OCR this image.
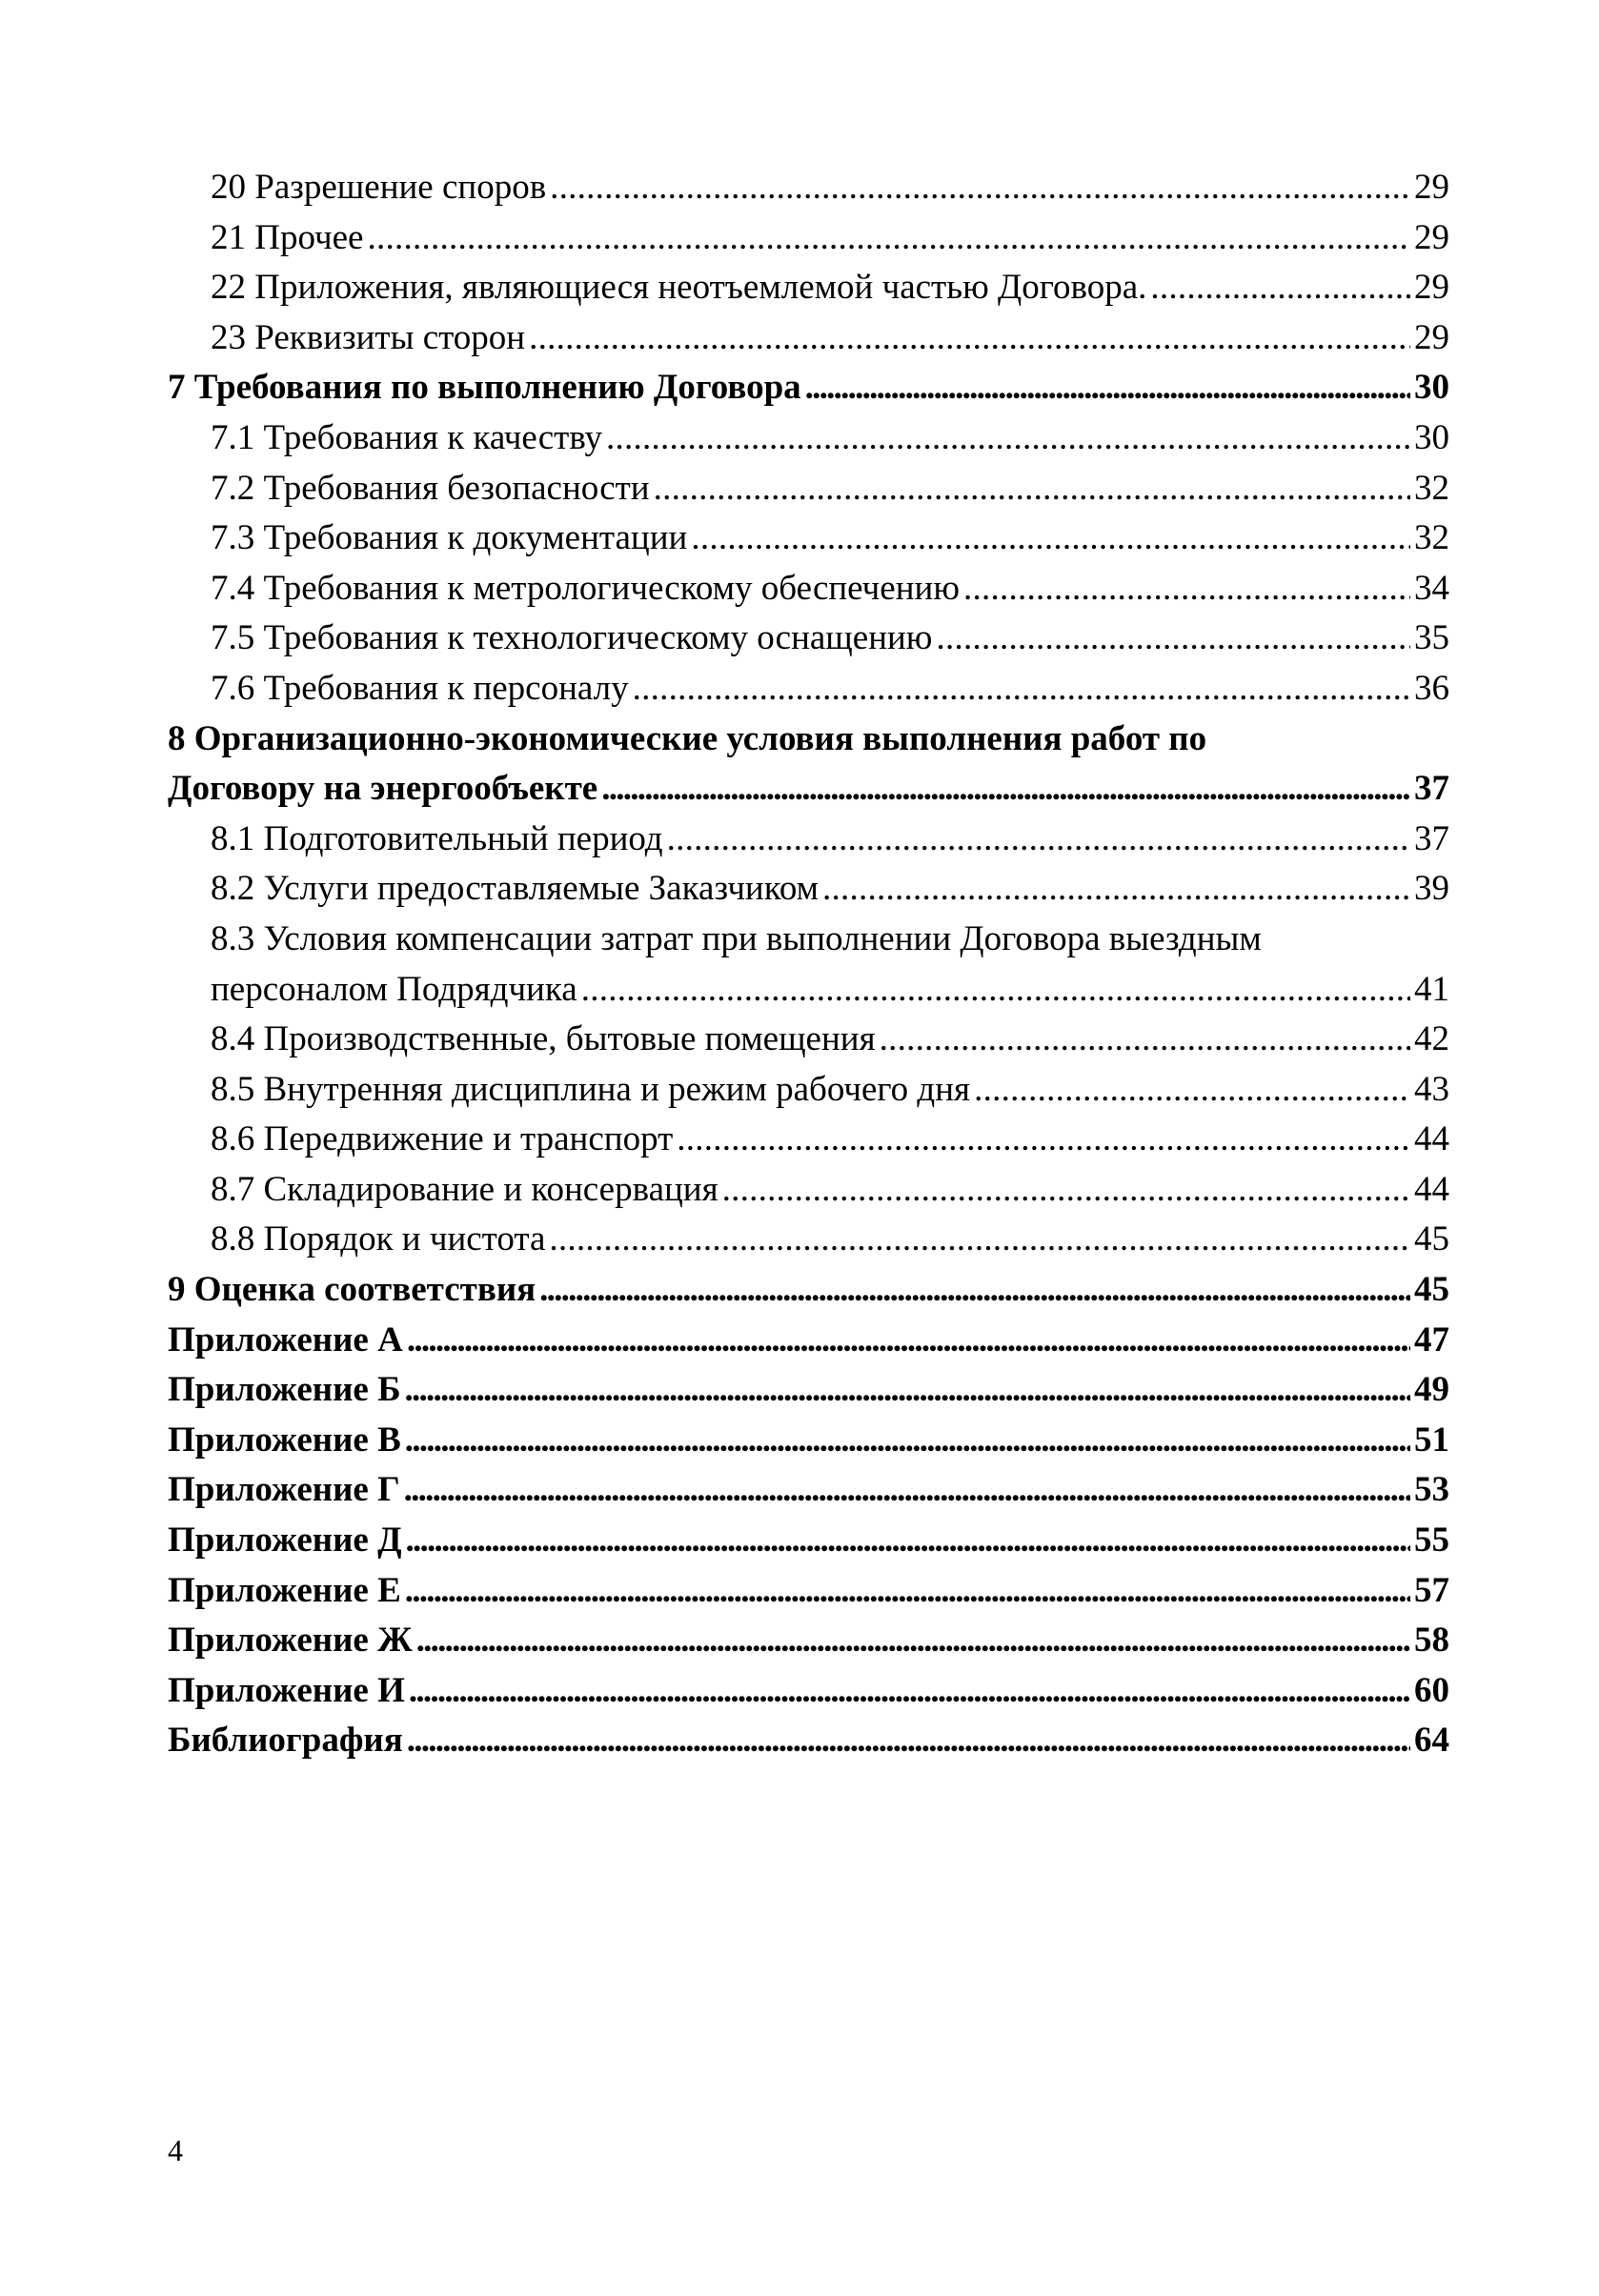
20 Разрешение споров . . .	29
21 Прочее . . .	29
22 Приложения, являющиеся неотъемлемой частью Договора. . . .	29
23 Реквизиты сторон . . .	29
7 Требования по выполнению Договора . . .	30
7.1 Требования к качеству . . .	30
7.2 Требования безопасности . . .	32
7.3 Требования к документации . . .	32
7.4 Требования к метрологическому обеспечению . . .	34
7.5 Требования к технологическому оснащению . . .	35
7.6 Требования к персоналу . . .	36
8 Организационно-экономические условия выполнения работ по
Договору на энергообъекте . . .	37
8.1 Подготовительный период . . .	37
8.2 Услуги предоставляемые Заказчиком . . .	39
8.3 Условия компенсации затрат при выполнении Договора выездным
персоналом Подрядчика . . .	41
8.4 Производственные, бытовые помещения . . .	42
8.5 Внутренняя дисциплина и режим рабочего дня . . .	43
8.6 Передвижение и транспорт . . .	44
8.7 Складирование и консервация . . .	44
8.8 Порядок и чистота . . .	45
9 Оценка соответствия . . .	45
Приложение А . . .	47
Приложение Б . . .	49
Приложение В . . .	51
Приложение Г . . .	53
Приложение Д . . .	55
Приложение Е . . .	57
Приложение Ж . . .	58
Приложение И . . .	60
Библиография . . .	64
4
